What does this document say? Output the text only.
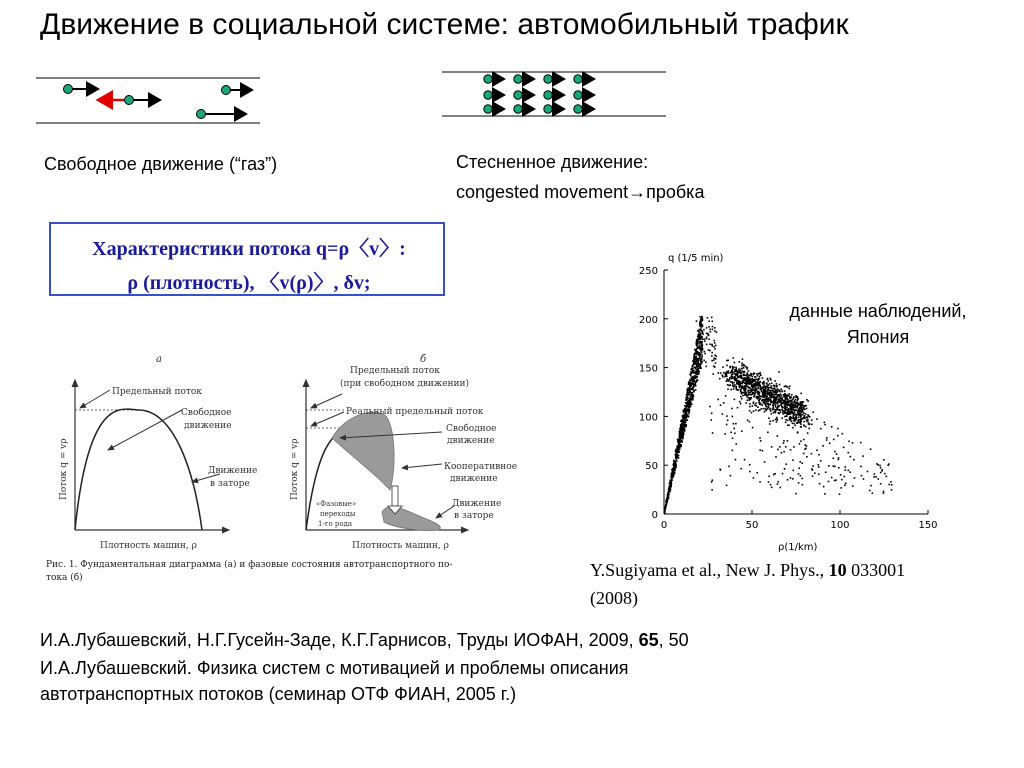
Движение в социальной системе: автомобильный трафик
Свободное движение (“газ”)	Стесненное движение:
congested movement→пробка
Характеристики потока q=ρ〈v〉:
ρ (плотность), 〈v(ρ)〉, δv;
а	б
Предельный поток
Свободное
движение
Движение
в заторе
Поток q = vρ
Плотность машин, ρ
Предельный поток
(при свободном движении)
Реальный предельный поток
Свободное
движение
Кооперативное
движение
Движение
в заторе
«Фазовые»
переходы
1-го рода
Поток q = vρ
Плотность машин, ρ
Рис. 1. Фундаментальная диаграмма (а) и фазовые состояния автотранспортного по-
тока (б)
0	50	100	150
0
50
100
150
200
250
q (1/5 min)
ρ(1/km)
данные наблюдений,
Япония
Y.Sugiyama et al., New J. Phys., 10 033001
(2008)
И.А.Лубашевский, Н.Г.Гусейн-Заде, К.Г.Гарнисов, Труды ИОФАН, 2009, 65, 50
И.А.Лубашевский. Физика систем с мотивацией и проблемы описания
автотранспортных потоков (семинар ОТФ ФИАН, 2005 г.)
